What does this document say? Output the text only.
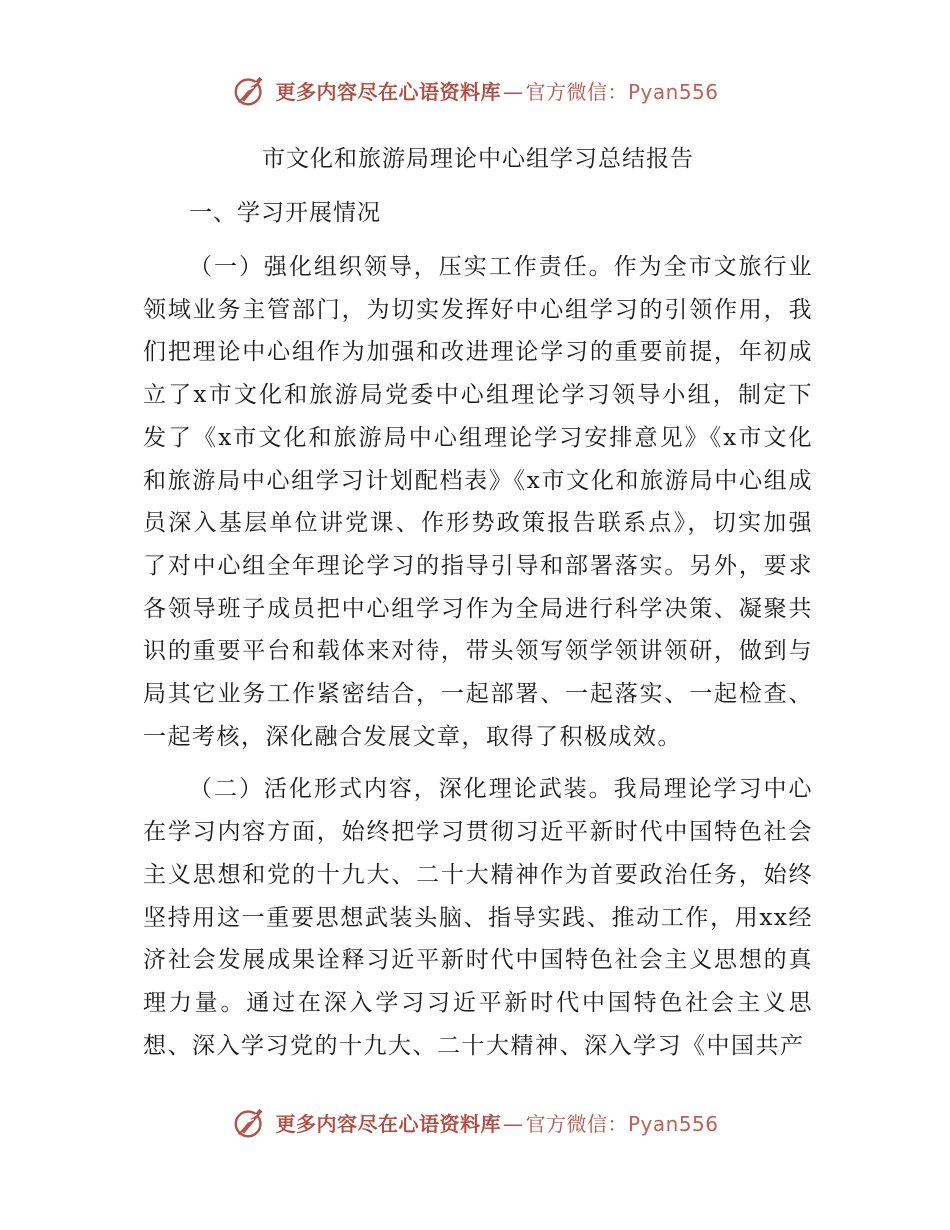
更多内容尽在心语资料库 — 官方微信：Pyan556
市文化和旅游局理论中心组学习总结报告
一、学习开展情况

（一）强化组织领导，压实工作责任。作为全市文旅行业领域业务主管部门，为切实发挥好中心组学习的引领作用，我们把理论中心组作为加强和改进理论学习的重要前提，年初成立了x市文化和旅游局党委中心组理论学习领导小组，制定下发了《x市文化和旅游局中心组理论学习安排意见》《x市文化和旅游局中心组学习计划配档表》《x市文化和旅游局中心组成员深入基层单位讲党课、作形势政策报告联系点》，切实加强了对中心组全年理论学习的指导引导和部署落实。另外，要求各领导班子成员把中心组学习作为全局进行科学决策、凝聚共识的重要平台和载体来对待，带头领写领学领讲领研，做到与局其它业务工作紧密结合，一起部署、一起落实、一起检查、一起考核，深化融合发展文章，取得了积极成效。

（二）活化形式内容，深化理论武装。我局理论学习中心在学习内容方面，始终把学习贯彻习近平新时代中国特色社会主义思想和党的十九大、二十大精神作为首要政治任务，始终坚持用这一重要思想武装头脑、指导实践、推动工作，用xx经济社会发展成果诠释习近平新时代中国特色社会主义思想的真理力量。通过在深入学习习近平新时代中国特色社会主义思想、深入学习党的十九大、二十大精神、深入学习《中国共产

更多内容尽在心语资料库 — 官方微信：Pyan556
